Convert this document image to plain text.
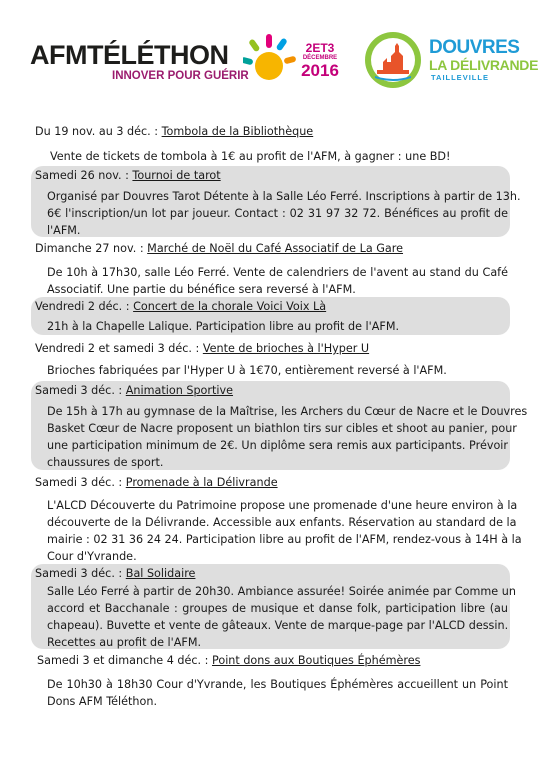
AFMTÉLÉTHON
INNOVER POUR GUÉRIR
2ET3
DÉCEMBRE
2016
DOUVRES
LA DÉLIVRANDE
TAILLEVILLE
Du 19 nov. au 3 déc. : Tombola de la Bibliothèque
Vente de tickets de tombola à 1€ au profit de l'AFM, à gagner : une BD!
Samedi 26 nov. : Tournoi de tarot
Organisé par Douvres Tarot Détente à la Salle Léo Ferré. Inscriptions à partir de 13h.
6€ l'inscription/un lot par joueur. Contact : 02 31 97 32 72. Bénéfices au profit de
l'AFM.
Dimanche 27 nov. : Marché de Noël du Café Associatif de La Gare
De 10h à 17h30, salle Léo Ferré. Vente de calendriers de l'avent au stand du Café
Associatif. Une partie du bénéfice sera reversé à l'AFM.
Vendredi 2 déc. : Concert de la chorale Voici Voix Là
21h à la Chapelle Lalique. Participation libre au profit de l'AFM.
Vendredi 2 et samedi 3 déc. : Vente de brioches à l'Hyper U
Brioches fabriquées par l'Hyper U à 1€70, entièrement reversé à l'AFM.
Samedi 3 déc. : Animation Sportive
De 15h à 17h au gymnase de la Maîtrise, les Archers du Cœur de Nacre et le Douvres
Basket Cœur de Nacre proposent un biathlon tirs sur cibles et shoot au panier, pour
une participation minimum de 2€. Un diplôme sera remis aux participants. Prévoir
chaussures de sport.
Samedi 3 déc. : Promenade à la Délivrande
L'ALCD Découverte du Patrimoine propose une promenade d'une heure environ à la
découverte de la Délivrande. Accessible aux enfants. Réservation au standard de la
mairie : 02 31 36 24 24. Participation libre au profit de l'AFM, rendez-vous à 14H à la
Cour d'Yvrande.
Samedi 3 déc. : Bal Solidaire
Salle Léo Ferré à partir de 20h30. Ambiance assurée! Soirée animée par Comme un
accord et Bacchanale : groupes de musique et danse folk, participation libre (au
chapeau). Buvette et vente de gâteaux. Vente de marque-page par l'ALCD dessin.
Recettes au profit de l'AFM.
Samedi 3 et dimanche 4 déc. : Point dons aux Boutiques Éphémères
De 10h30 à 18h30 Cour d'Yvrande, les Boutiques Éphémères accueillent un Point
Dons AFM Téléthon.
